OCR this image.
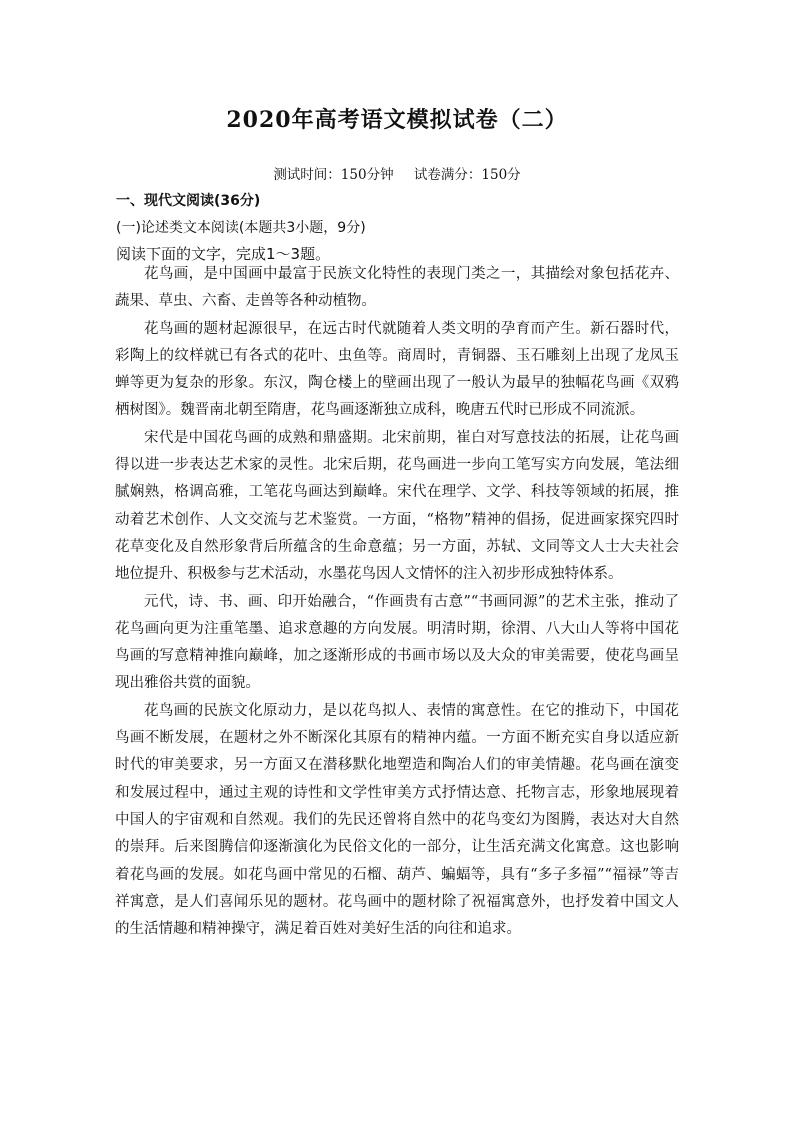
2020年高考语文模拟试卷（二）
测试时间：150分钟 试卷满分：150分
一、现代文阅读(36分)
(一)论述类文本阅读(本题共3小题，9分)
阅读下面的文字，完成1～3题。

花鸟画，是中国画中最富于民族文化特性的表现门类之一，其描绘对象包括花卉、蔬果、草虫、六畜、走兽等各种动植物。

花鸟画的题材起源很早，在远古时代就随着人类文明的孕育而产生。新石器时代，彩陶上的纹样就已有各式的花叶、虫鱼等。商周时，青铜器、玉石雕刻上出现了龙凤玉蝉等更为复杂的形象。东汉，陶仓楼上的壁画出现了一般认为最早的独幅花鸟画《双鸦栖树图》。魏晋南北朝至隋唐，花鸟画逐渐独立成科，晚唐五代时已形成不同流派。

宋代是中国花鸟画的成熟和鼎盛期。北宋前期，崔白对写意技法的拓展，让花鸟画得以进一步表达艺术家的灵性。北宋后期，花鸟画进一步向工笔写实方向发展，笔法细腻娴熟，格调高雅，工笔花鸟画达到巅峰。宋代在理学、文学、科技等领域的拓展，推动着艺术创作、人文交流与艺术鉴赏。一方面，“格物”精神的倡扬，促进画家探究四时花草变化及自然形象背后所蕴含的生命意蕴；另一方面，苏轼、文同等文人士大夫社会地位提升、积极参与艺术活动，水墨花鸟因人文情怀的注入初步形成独特体系。

元代，诗、书、画、印开始融合，“作画贵有古意”“书画同源”的艺术主张，推动了花鸟画向更为注重笔墨、追求意趣的方向发展。明清时期，徐渭、八大山人等将中国花鸟画的写意精神推向巅峰，加之逐渐形成的书画市场以及大众的审美需要，使花鸟画呈现出雅俗共赏的面貌。

花鸟画的民族文化原动力，是以花鸟拟人、表情的寓意性。在它的推动下，中国花鸟画不断发展，在题材之外不断深化其原有的精神内蕴。一方面不断充实自身以适应新时代的审美要求，另一方面又在潜移默化地塑造和陶冶人们的审美情趣。花鸟画在演变和发展过程中，通过主观的诗性和文学性审美方式抒情达意、托物言志，形象地展现着中国人的宇宙观和自然观。我们的先民还曾将自然中的花鸟变幻为图腾，表达对大自然的崇拜。后来图腾信仰逐渐演化为民俗文化的一部分，让生活充满文化寓意。这也影响着花鸟画的发展。如花鸟画中常见的石榴、葫芦、蝙蝠等，具有“多子多福”“福禄”等吉祥寓意，是人们喜闻乐见的题材。花鸟画中的题材除了祝福寓意外，也抒发着中国文人的生活情趣和精神操守，满足着百姓对美好生活的向往和追求。
